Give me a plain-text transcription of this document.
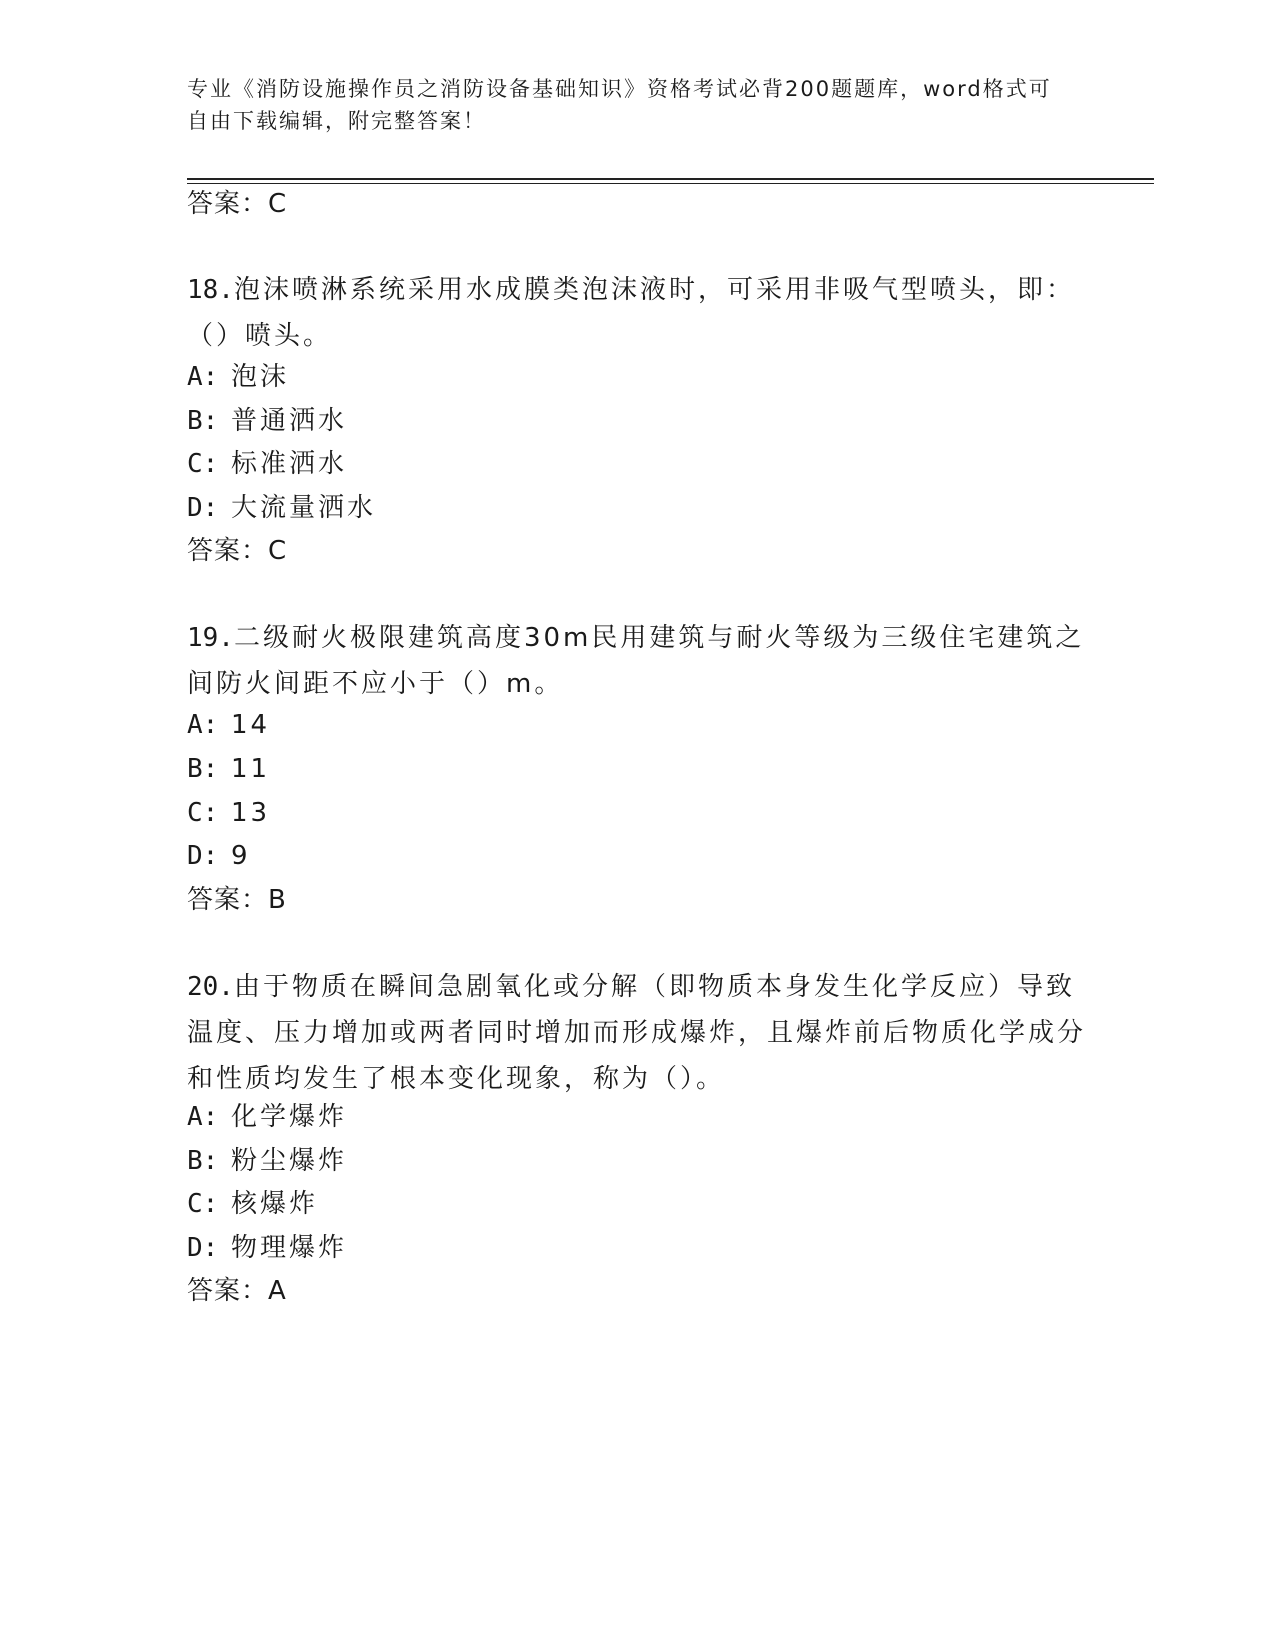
专业《消防设施操作员之消防设备基础知识》资格考试必背200题题库，word格式可自由下载编辑，附完整答案！
答案：C
18.泡沫喷淋系统采用水成膜类泡沫液时，可采用非吸气型喷头，即：（）喷头。
A: 泡沫
B: 普通洒水
C: 标准洒水
D: 大流量洒水
答案：C
19.二级耐火极限建筑高度30m民用建筑与耐火等级为三级住宅建筑之间防火间距不应小于（）m。
A: 14
B: 11
C: 13
D: 9
答案：B
20.由于物质在瞬间急剧氧化或分解（即物质本身发生化学反应）导致温度、压力增加或两者同时增加而形成爆炸，且爆炸前后物质化学成分和性质均发生了根本变化现象，称为（）。
A: 化学爆炸
B: 粉尘爆炸
C: 核爆炸
D: 物理爆炸
答案：A
